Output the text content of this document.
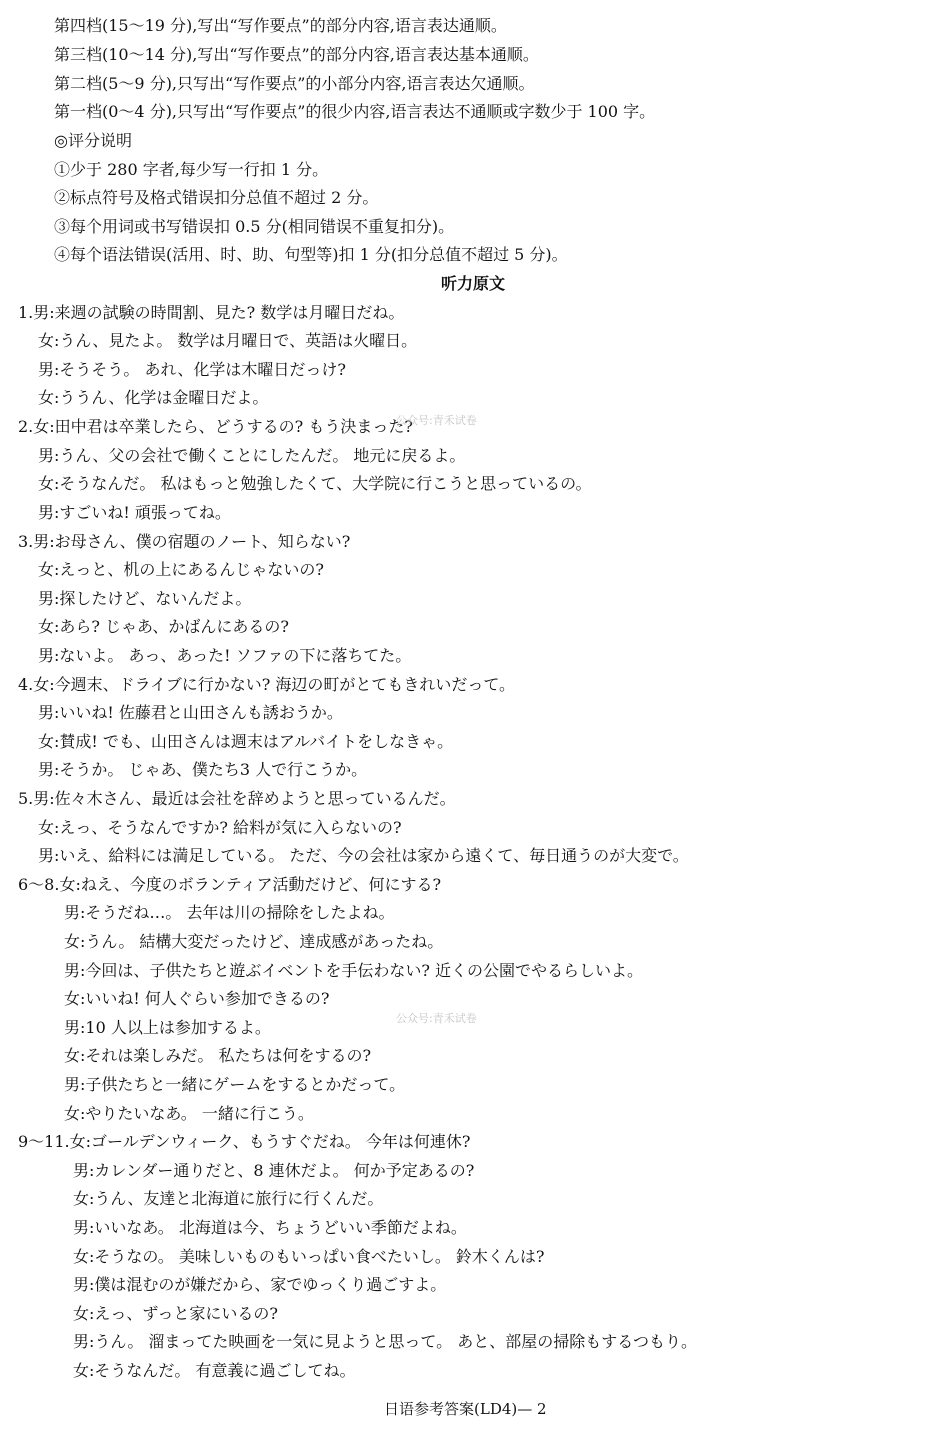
第四档(15～19 分),写出“写作要点”的部分内容,语言表达通顺。
第三档(10～14 分),写出“写作要点”的部分内容,语言表达基本通顺。
第二档(5～9 分),只写出“写作要点”的小部分内容,语言表达欠通顺。
第一档(0～4 分),只写出“写作要点”的很少内容,语言表达不通顺或字数少于 100 字。
◎评分说明
①少于 280 字者,每少写一行扣 1 分。
②标点符号及格式错误扣分总值不超过 2 分。
③每个用词或书写错误扣 0.5 分(相同错误不重复扣分)。
④每个语法错误(活用、时、助、句型等)扣 1 分(扣分总值不超过 5 分)。
听力原文
1.男:来週の試験の時間割、見た? 数学は月曜日だね。
女:うん、見たよ。 数学は月曜日で、英語は火曜日。
男:そうそう。 あれ、化学は木曜日だっけ?
女:ううん、化学は金曜日だよ。
2.女:田中君は卒業したら、どうするの? もう決まった?
男:うん、父の会社で働くことにしたんだ。 地元に戻るよ。
女:そうなんだ。 私はもっと勉強したくて、大学院に行こうと思っているの。
男:すごいね! 頑張ってね。
3.男:お母さん、僕の宿題のノート、知らない?
女:えっと、机の上にあるんじゃないの?
男:探したけど、ないんだよ。
女:あら? じゃあ、かばんにあるの?
男:ないよ。 あっ、あった! ソファの下に落ちてた。
4.女:今週末、ドライブに行かない? 海辺の町がとてもきれいだって。
男:いいね! 佐藤君と山田さんも誘おうか。
女:賛成! でも、山田さんは週末はアルバイトをしなきゃ。
男:そうか。 じゃあ、僕たち3 人で行こうか。
5.男:佐々木さん、最近は会社を辞めようと思っているんだ。
女:えっ、そうなんですか? 給料が気に入らないの?
男:いえ、給料には満足している。 ただ、今の会社は家から遠くて、毎日通うのが大変で。
6～8.女:ねえ、今度のボランティア活動だけど、何にする?
男:そうだね…。 去年は川の掃除をしたよね。
女:うん。 結構大変だったけど、達成感があったね。
男:今回は、子供たちと遊ぶイベントを手伝わない? 近くの公園でやるらしいよ。
女:いいね! 何人ぐらい参加できるの?
男:10 人以上は参加するよ。
女:それは楽しみだ。 私たちは何をするの?
男:子供たちと一緒にゲームをするとかだって。
女:やりたいなあ。 一緒に行こう。
9～11.女:ゴールデンウィーク、もうすぐだね。 今年は何連休?
男:カレンダー通りだと、8 連休だよ。 何か予定あるの?
女:うん、友達と北海道に旅行に行くんだ。
男:いいなあ。 北海道は今、ちょうどいい季節だよね。
女:そうなの。 美味しいものもいっぱい食べたいし。 鈴木くんは?
男:僕は混むのが嫌だから、家でゆっくり過ごすよ。
女:えっ、ずっと家にいるの?
男:うん。 溜まってた映画を一気に見ようと思って。 あと、部屋の掃除もするつもり。
女:そうなんだ。 有意義に過ごしてね。
公众号:青禾试卷
公众号:青禾试卷
日语参考答案(LD4)— 2
